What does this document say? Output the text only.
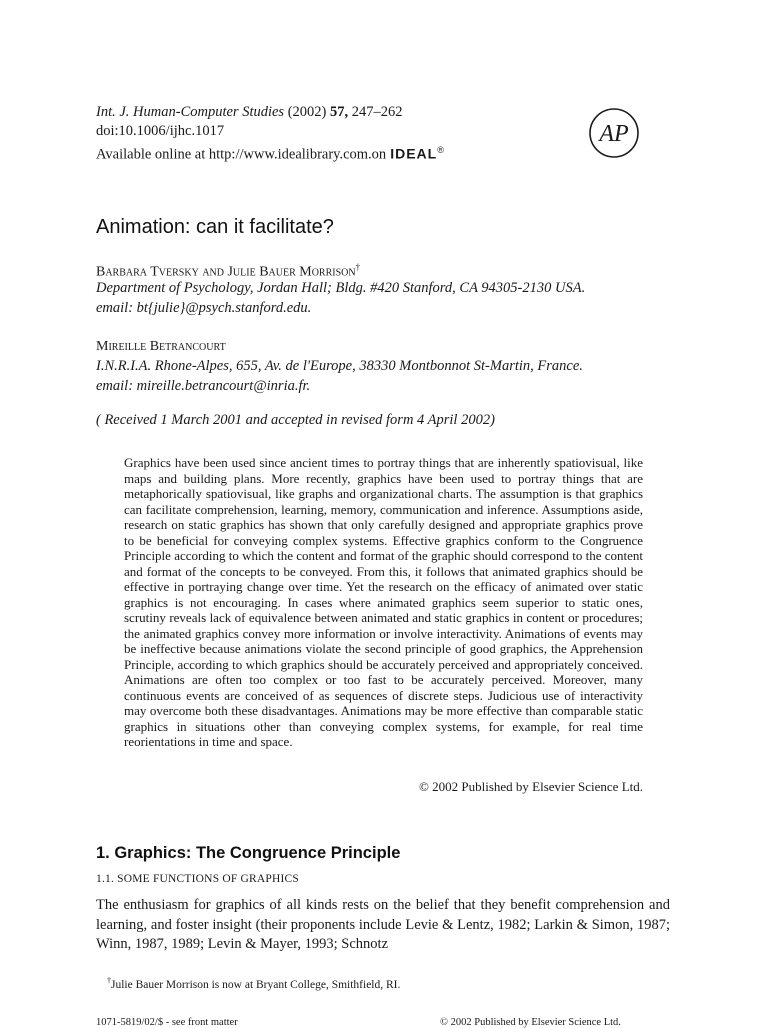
Int. J. Human-Computer Studies (2002) 57, 247–262
doi:10.1006/ijhc.1017
Available online at http://www.idealibrary.com.on IDEAL®
AP
Animation: can it facilitate?
Barbara Tversky and Julie Bauer Morrison†
Department of Psychology, Jordan Hall; Bldg. #420 Stanford, CA 94305-2130 USA.
email: bt{julie}@psych.stanford.edu.
Mireille Betrancourt
I.N.R.I.A. Rhone-Alpes, 655, Av. de l'Europe, 38330 Montbonnot St-Martin, France.
email: mireille.betrancourt@inria.fr.
( Received 1 March 2001 and accepted in revised form 4 April 2002)

Graphics have been used since ancient times to portray things that are inherently spatiovisual, like maps and building plans. More recently, graphics have been used to portray things that are metaphorically spatiovisual, like graphs and organizational charts. The assumption is that graphics can facilitate comprehension, learning, memory, communication and inference. Assumptions aside, research on static graphics has shown that only carefully designed and appropriate graphics prove to be beneficial for conveying complex systems. Effective graphics conform to the Congruence Principle according to which the content and format of the graphic should correspond to the content and format of the concepts to be conveyed. From this, it follows that animated graphics should be effective in portraying change over time. Yet the research on the efficacy of animated over static graphics is not encouraging. In cases where animated graphics seem superior to static ones, scrutiny reveals lack of equivalence between animated and static graphics in content or procedures; the animated graphics convey more information or involve interactivity. Animations of events may be ineffective because animations violate the second principle of good graphics, the Apprehension Principle, according to which graphics should be accurately perceived and appropriately conceived. Animations are often too complex or too fast to be accurately perceived. Moreover, many continuous events are conceived of as sequences of discrete steps. Judicious use of interactivity may overcome both these disadvantages. Animations may be more effective than comparable static graphics in situations other than conveying complex systems, for example, for real time reorientations in time and space.

© 2002 Published by Elsevier Science Ltd.
1. Graphics: The Congruence Principle
1.1. SOME FUNCTIONS OF GRAPHICS

The enthusiasm for graphics of all kinds rests on the belief that they benefit comprehension and learning, and foster insight (their proponents include Levie & Lentz, 1982; Larkin & Simon, 1987; Winn, 1987, 1989; Levin & Mayer, 1993; Schnotz

†Julie Bauer Morrison is now at Bryant College, Smithfield, RI.
1071-5819/02/$ - see front matter	© 2002 Published by Elsevier Science Ltd.
